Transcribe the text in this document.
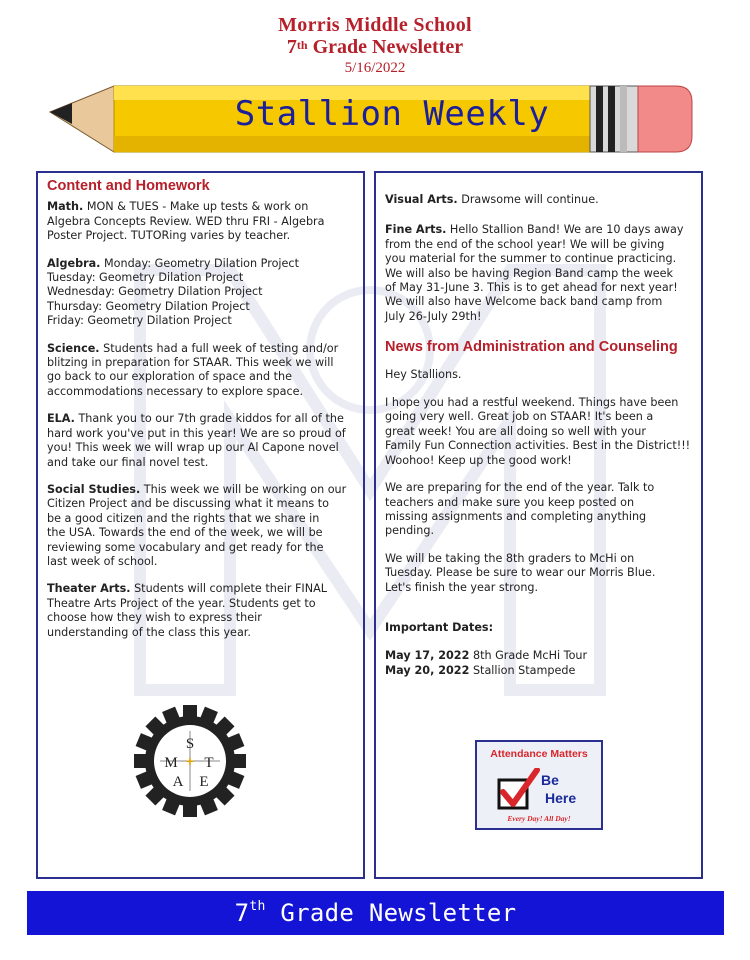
Morris Middle School
7th Grade Newsletter
5/16/2022
Stallion Weekly
Content and Homework
Math. MON & TUES - Make up tests & work on
Algebra Concepts Review. WED thru FRI - Algebra
Poster Project. TUTORing varies by teacher.
Algebra. Monday: Geometry Dilation Project
Tuesday: Geometry Dilation Project
Wednesday: Geometry Dilation Project
Thursday: Geometry Dilation Project
Friday: Geometry Dilation Project
Science. Students had a full week of testing and/or
blitzing in preparation for STAAR. This week we will
go back to our exploration of space and the
accommodations necessary to explore space.
ELA. Thank you to our 7th grade kiddos for all of the
hard work you've put in this year! We are so proud of
you! This week we will wrap up our Al Capone novel
and take our final novel test.
Social Studies. This week we will be working on our
Citizen Project and be discussing what it means to
be a good citizen and the rights that we share in
the USA. Towards the end of the week, we will be
reviewing some vocabulary and get ready for the
last week of school.
Theater Arts. Students will complete their FINAL
Theatre Arts Project of the year. Students get to
choose how they wish to express their
understanding of the class this year.
S
M T
A E
+
Visual Arts. Drawsome will continue.
Fine Arts. Hello Stallion Band! We are 10 days away
from the end of the school year! We will be giving
you material for the summer to continue practicing.
We will also be having Region Band camp the week
of May 31-June 3. This is to get ahead for next year!
We will also have Welcome back band camp from
July 26-July 29th!
News from Administration and Counseling
Hey Stallions.
I hope you had a restful weekend. Things have been
going very well. Great job on STAAR! It's been a
great week! You are all doing so well with your
Family Fun Connection activities. Best in the District!!!
Woohoo! Keep up the good work!
We are preparing for the end of the year. Talk to
teachers and make sure you keep posted on
missing assignments and completing anything
pending.
We will be taking the 8th graders to McHi on
Tuesday. Please be sure to wear our Morris Blue.
Let's finish the year strong.
Important Dates:
May 17, 2022 8th Grade McHi Tour
May 20, 2022 Stallion Stampede
Attendance Matters
Be
Here
Every Day! All Day!
7th Grade Newsletter
